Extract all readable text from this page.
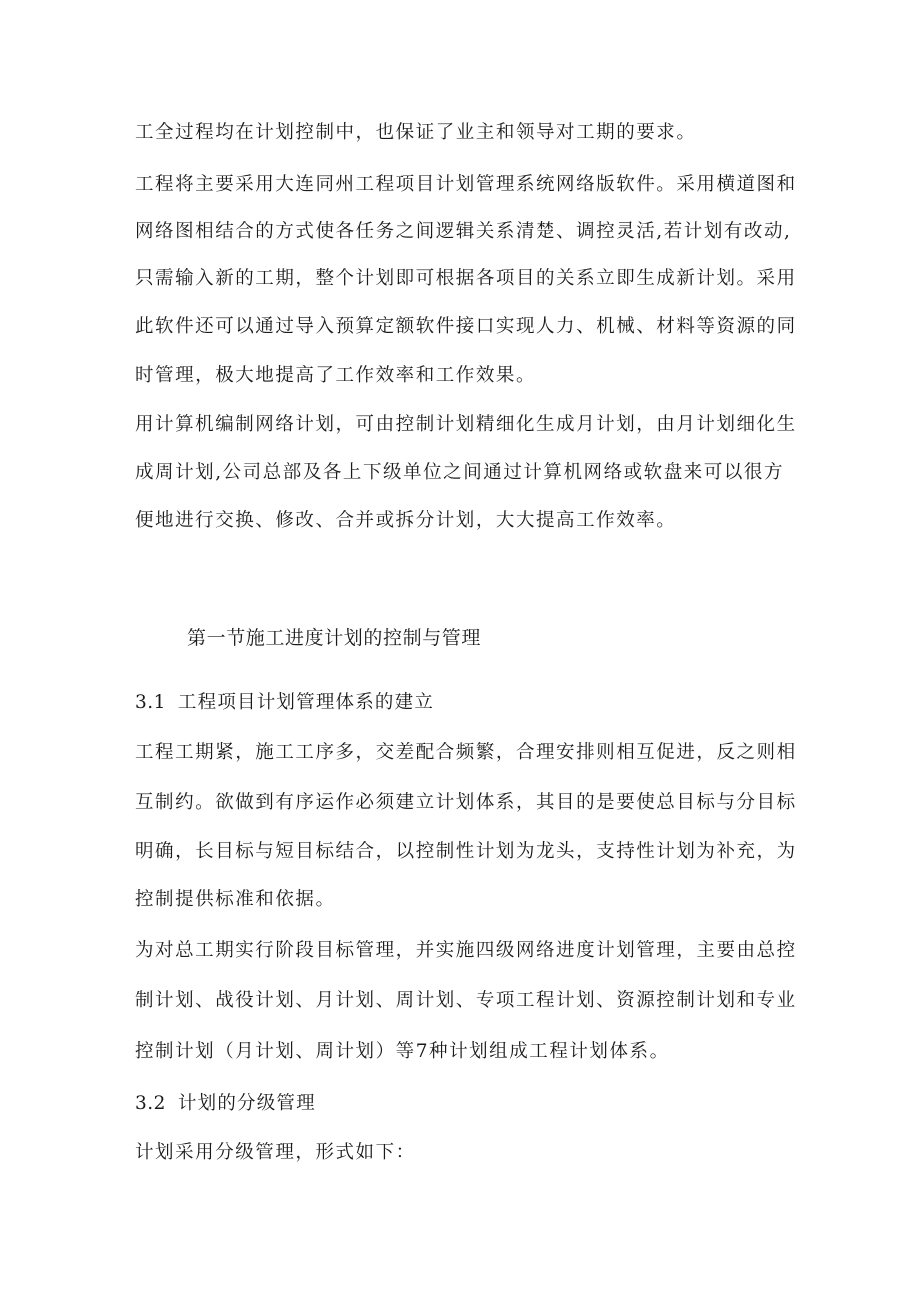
工全过程均在计划控制中，也保证了业主和领导对工期的要求。
工程将主要采用大连同州工程项目计划管理系统网络版软件。采用横道图和
网络图相结合的方式使各任务之间逻辑关系清楚、调控灵活,若计划有改动,
只需输入新的工期，整个计划即可根据各项目的关系立即生成新计划。采用
此软件还可以通过导入预算定额软件接口实现人力、机械、材料等资源的同
时管理，极大地提高了工作效率和工作效果。
用计算机编制网络计划，可由控制计划精细化生成月计划，由月计划细化生
成周计划,公司总部及各上下级单位之间通过计算机网络或软盘来可以很方
便地进行交换、修改、合并或拆分计划，大大提高工作效率。
第一节施工进度计划的控制与管理
3.1 工程项目计划管理体系的建立
工程工期紧，施工工序多，交差配合频繁，合理安排则相互促进，反之则相
互制约。欲做到有序运作必须建立计划体系，其目的是要使总目标与分目标
明确，长目标与短目标结合，以控制性计划为龙头，支持性计划为补充，为
控制提供标准和依据。
为对总工期实行阶段目标管理，并实施四级网络进度计划管理，主要由总控
制计划、战役计划、月计划、周计划、专项工程计划、资源控制计划和专业
控制计划（月计划、周计划）等7种计划组成工程计划体系。
3.2 计划的分级管理
计划采用分级管理，形式如下：
